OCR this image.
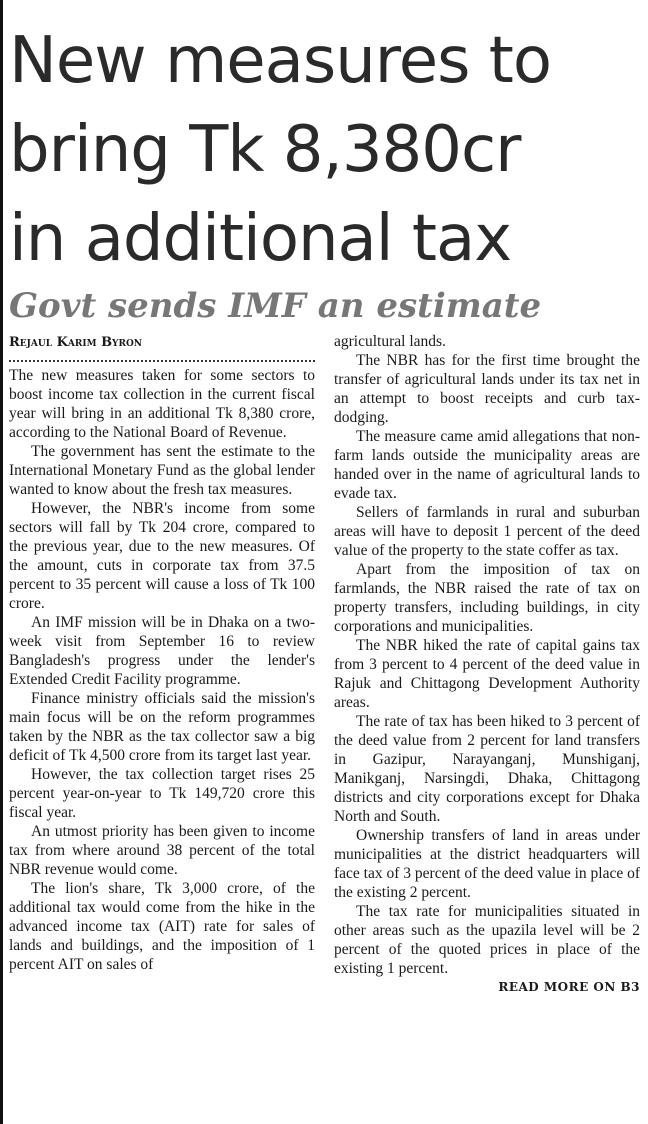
New measures to
bring Tk 8,380cr
in additional tax
Govt sends IMF an estimate
Rejaul Karim Byron

The new measures taken for some sectors to boost income tax collection in the current fiscal year will bring in an additional Tk 8,380 crore, according to the National Board of Revenue.

The government has sent the estimate to the International Monetary Fund as the global lender wanted to know about the fresh tax measures.

However, the NBR's income from some sectors will fall by Tk 204 crore, compared to the previous year, due to the new measures. Of the amount, cuts in corporate tax from 37.5 percent to 35 percent will cause a loss of Tk 100 crore.

An IMF mission will be in Dhaka on a two-week visit from September 16 to review Bangladesh's progress under the lender's Extended Credit Facility programme.

Finance ministry officials said the mission's main focus will be on the reform programmes taken by the NBR as the tax collector saw a big deficit of Tk 4,500 crore from its target last year.

However, the tax collection target rises 25 percent year-on-year to Tk 149,720 crore this fiscal year.

An utmost priority has been given to income tax from where around 38 percent of the total NBR revenue would come.

The lion's share, Tk 3,000 crore, of the additional tax would come from the hike in the advanced income tax (AIT) rate for sales of lands and buildings, and the imposition of 1 percent AIT on sales of

agricultural lands.

The NBR has for the first time brought the transfer of agricultural lands under its tax net in an attempt to boost receipts and curb tax-dodging.

The measure came amid allegations that non-farm lands outside the municipality areas are handed over in the name of agricultural lands to evade tax.

Sellers of farmlands in rural and suburban areas will have to deposit 1 percent of the deed value of the property to the state coffer as tax.

Apart from the imposition of tax on farmlands, the NBR raised the rate of tax on property transfers, including buildings, in city corporations and municipalities.

The NBR hiked the rate of capital gains tax from 3 percent to 4 percent of the deed value in Rajuk and Chittagong Development Authority areas.

The rate of tax has been hiked to 3 percent of the deed value from 2 percent for land transfers in Gazipur, Narayanganj, Munshiganj, Manikganj, Narsingdi, Dhaka, Chittagong districts and city corporations except for Dhaka North and South.

Ownership transfers of land in areas under municipalities at the district headquarters will face tax of 3 percent of the deed value in place of the existing 2 percent.

The tax rate for municipalities situated in other areas such as the upazila level will be 2 percent of the quoted prices in place of the existing 1 percent.

READ MORE ON B3
